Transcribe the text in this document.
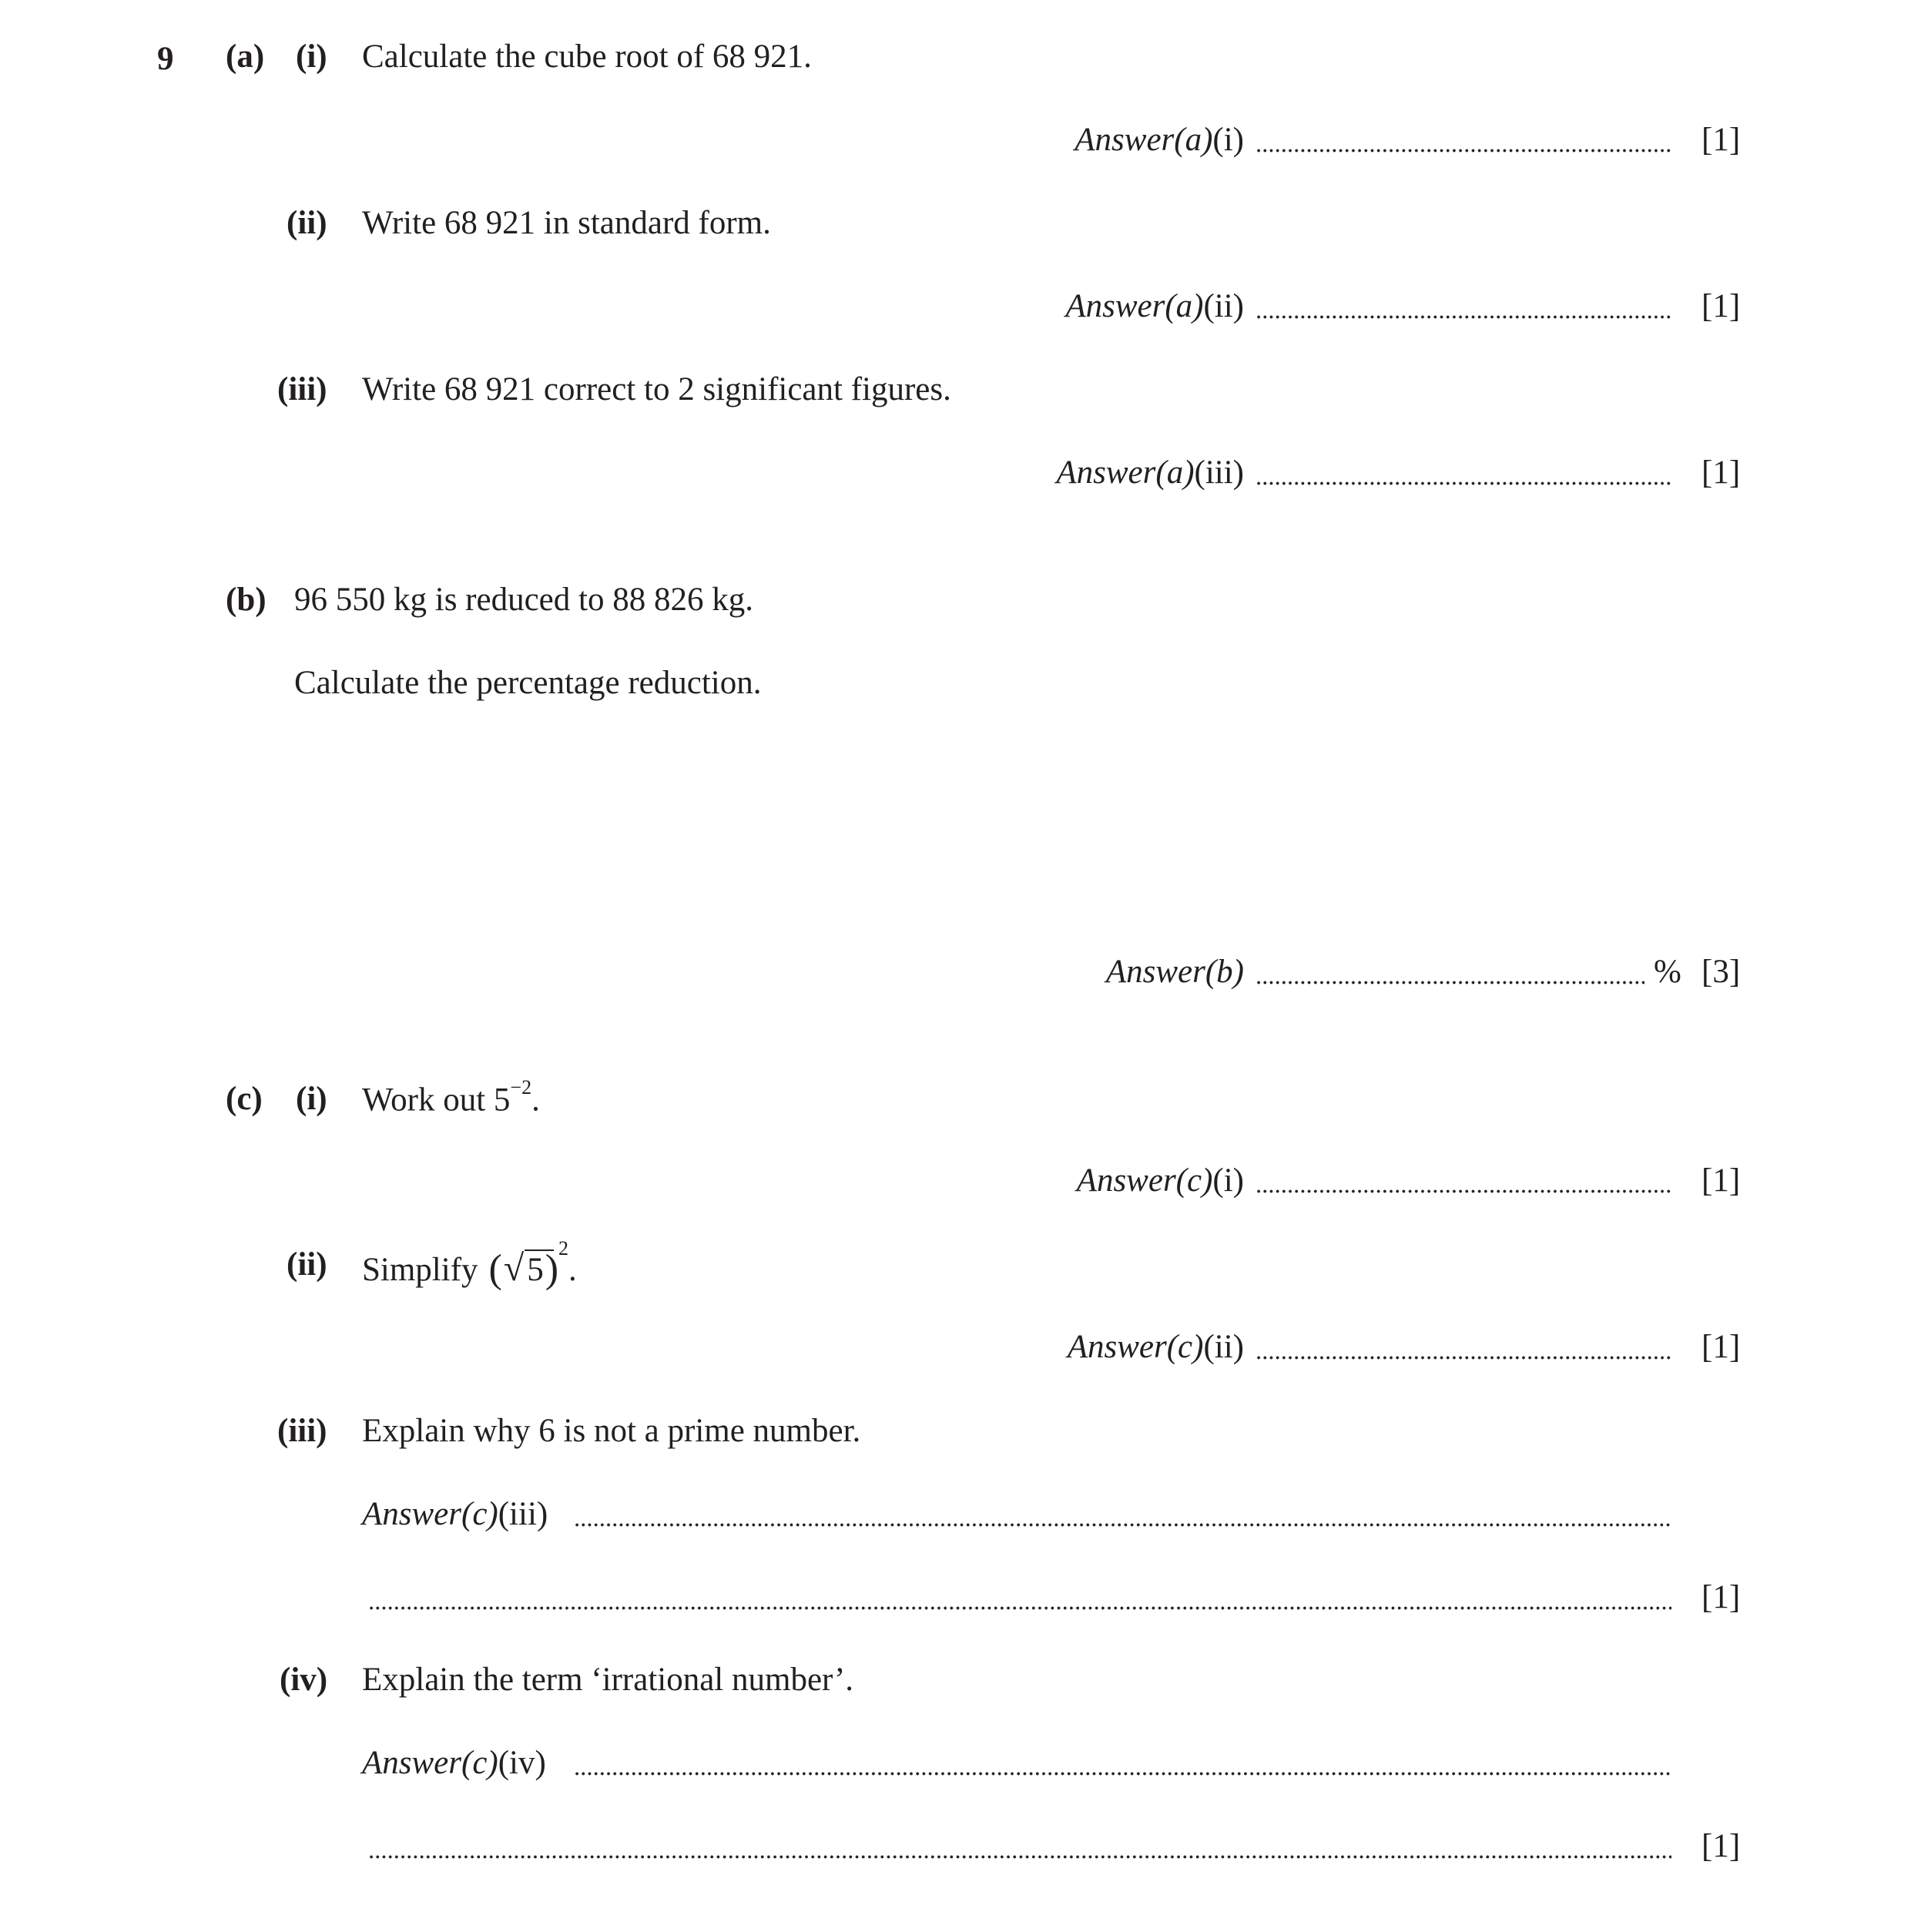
9 (a) (i) Calculate the cube root of 68 921.
Answer(a)(i)	[1]
(ii) Write 68 921 in standard form.
Answer(a)(ii)	[1]
(iii) Write 68 921 correct to 2 significant figures.
Answer(a)(iii)	[1]
(b) 96 550 kg is reduced to 88 826 kg.
Calculate the percentage reduction.
Answer(b)	% [3]
(c) (i) Work out $5^{-2}$.
Answer(c)(i)	[1]
(ii) Simplify (√
5)$^2$.
Answer(c)(ii)	[1]
(iii) Explain why 6 is not a prime number.
Answer(c)(iii)
[1]
(iv) Explain the term ‘irrational number’.
Answer(c)(iv)
[1]
